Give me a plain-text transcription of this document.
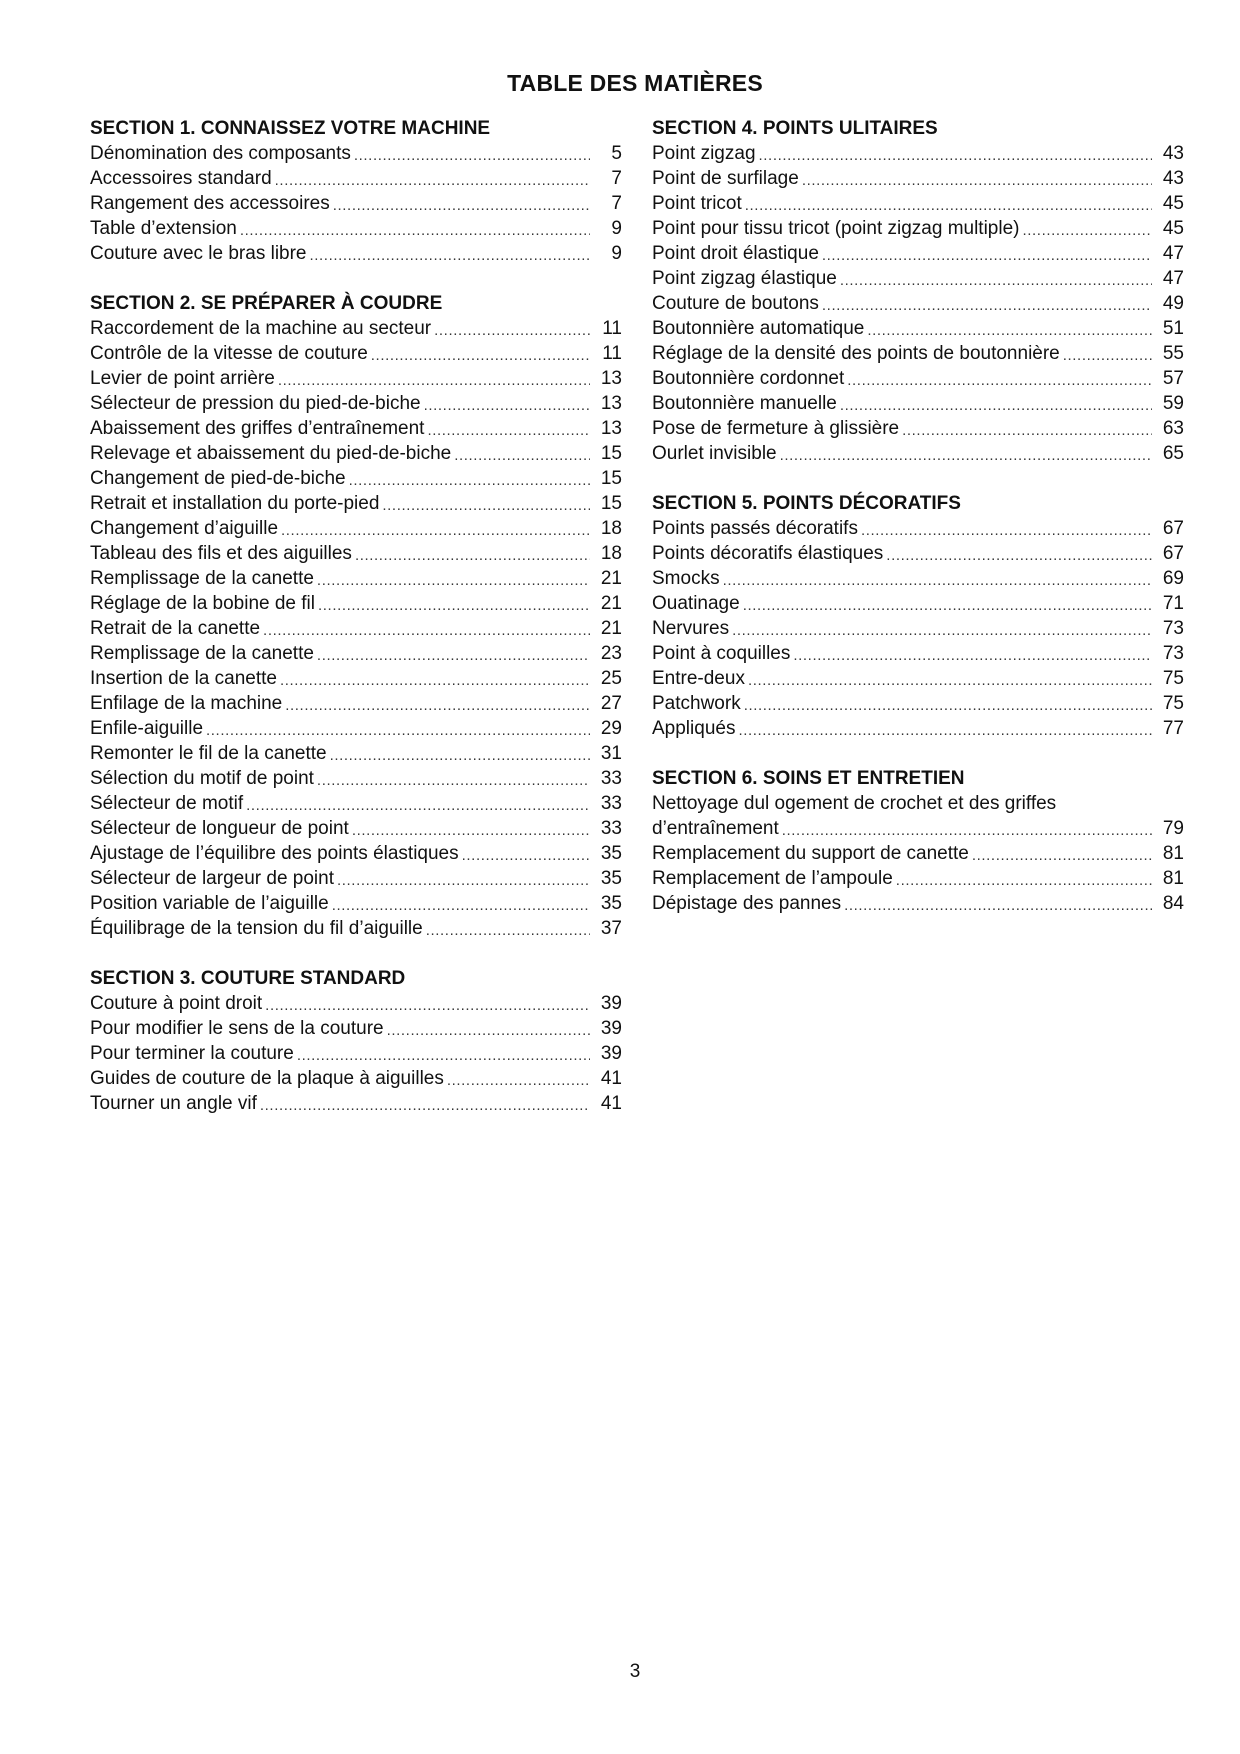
TABLE DES MATIÈRES
SECTION 1. CONNAISSEZ VOTRE MACHINE
Dénomination des composants .....	5
Accessoires standard .....	7
Rangement des accessoires .....	7
Table d’extension .....	9
Couture avec le bras libre .....	9
SECTION 2. SE PRÉPARER À COUDRE
Raccordement de la machine au secteur .....	11
Contrôle de la vitesse de couture .....	11
Levier de point arrière .....	13
Sélecteur de pression du pied-de-biche .....	13
Abaissement des griffes d’entraînement .....	13
Relevage et abaissement du pied-de-biche .....	15
Changement de pied-de-biche .....	15
Retrait et installation du porte-pied .....	15
Changement d’aiguille .....	18
Tableau des fils et des aiguilles .....	18
Remplissage de la canette .....	21
Réglage de la bobine de fil .....	21
Retrait de la canette .....	21
Remplissage de la canette .....	23
Insertion de la canette .....	25
Enfilage de la machine .....	27
Enfile-aiguille .....	29
Remonter le fil de la canette .....	31
Sélection du motif de point .....	33
Sélecteur de motif .....	33
Sélecteur de longueur de point .....	33
Ajustage de l’équilibre des points élastiques .....	35
Sélecteur de largeur de point .....	35
Position variable de l’aiguille .....	35
Équilibrage de la tension du fil d’aiguille .....	37
SECTION 3. COUTURE STANDARD
Couture à point droit .....	39
Pour modifier le sens de la couture .....	39
Pour terminer la couture .....	39
Guides de couture de la plaque à aiguilles .....	41
Tourner un angle vif .....	41
SECTION 4. POINTS ULITAIRES
Point zigzag .....	43
Point de surfilage .....	43
Point tricot .....	45
Point pour tissu tricot (point zigzag multiple) .....	45
Point droit élastique .....	47
Point zigzag élastique .....	47
Couture de boutons .....	49
Boutonnière automatique .....	51
Réglage de la densité des points de boutonnière .....	55
Boutonnière cordonnet .....	57
Boutonnière manuelle .....	59
Pose de fermeture à glissière .....	63
Ourlet invisible .....	65
SECTION 5. POINTS DÉCORATIFS
Points passés décoratifs .....	67
Points décoratifs élastiques .....	67
Smocks .....	69
Ouatinage .....	71
Nervures .....	73
Point à coquilles .....	73
Entre-deux .....	75
Patchwork .....	75
Appliqués .....	77
SECTION 6. SOINS ET ENTRETIEN
Nettoyage dul ogement de crochet et des griffes
d’entraînement .....	79
Remplacement du support de canette .....	81
Remplacement de l’ampoule .....	81
Dépistage des pannes .....	84
3
